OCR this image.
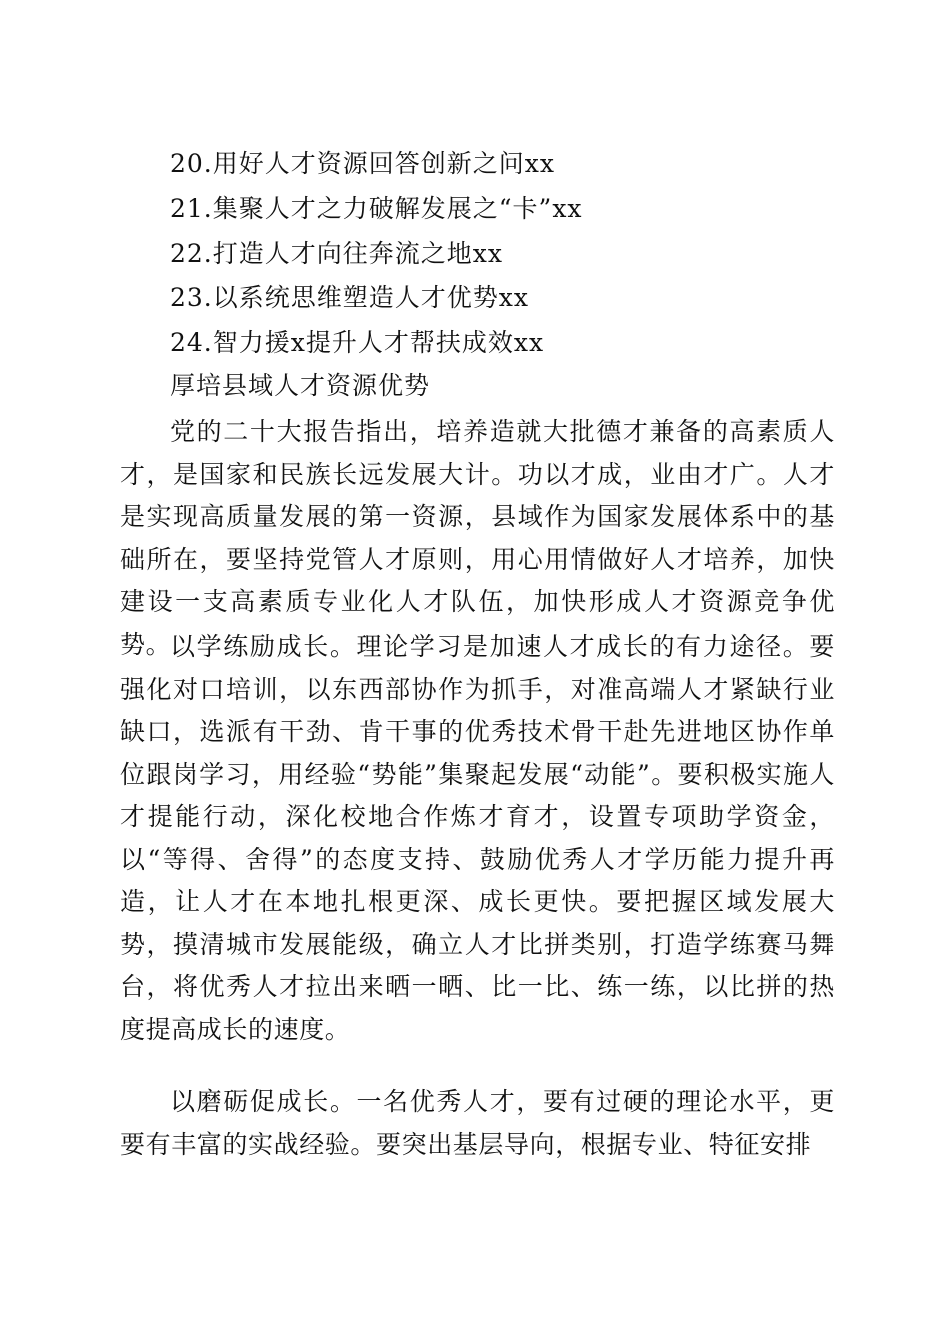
20.用好人才资源回答创新之问xx
21.集聚人才之力破解发展之“卡”xx
22.打造人才向往奔流之地xx
23.以系统思维塑造人才优势xx
24.智力援x提升人才帮扶成效xx
厚培县域人才资源优势

党的二十大报告指出，培养造就大批德才兼备的高素质人才，是国家和民族长远发展大计。功以才成，业由才广。人才是实现高质量发展的第一资源，县域作为国家发展体系中的基础所在，要坚持党管人才原则，用心用情做好人才培养，加快建设一支高素质专业化人才队伍，加快形成人才资源竞争优势。

以学练励成长。理论学习是加速人才成长的有力途径。要强化对口培训，以东西部协作为抓手，对准高端人才紧缺行业缺口，选派有干劲、肯干事的优秀技术骨干赴先进地区协作单位跟岗学习，用经验“势能”集聚起发展“动能”。要积极实施人才提能行动，深化校地合作炼才育才，设置专项助学资金，以“等得、舍得”的态度支持、鼓励优秀人才学历能力提升再造，让人才在本地扎根更深、成长更快。要把握区域发展大势，摸清城市发展能级，确立人才比拼类别，打造学练赛马舞台，将优秀人才拉出来晒一晒、比一比、练一练，以比拼的热度提高成长的速度。

以磨砺促成长。一名优秀人才，要有过硬的理论水平，更要有丰富的实战经验。要突出基层导向，根据专业、特征安排
